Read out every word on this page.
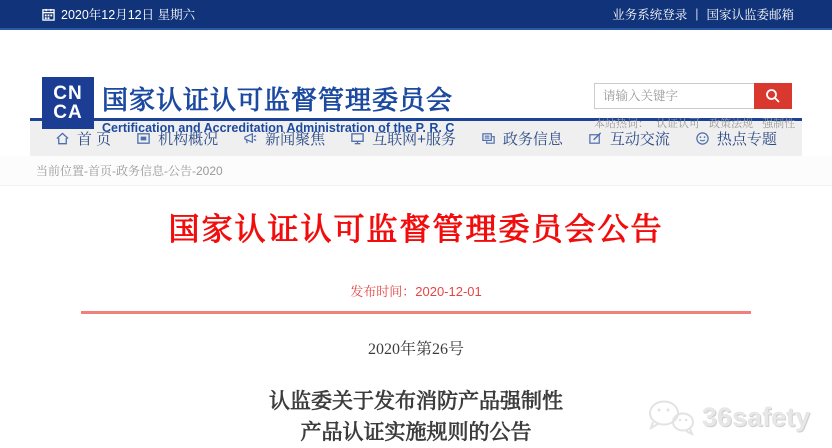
2020年12月12日 星期六	业务系统登录 | 国家认监委邮箱
CN
CA 国家认证认可监督管理委员会
Certification and Accreditation Administration of the P. R. C
请输入关键字	本站热词： 认证认可 政策法规 强制性
首 页	机构概况	新闻聚焦	互联网+服务	政务信息	互动交流	热点专题
当前位置-首页-政务信息-公告-2020
国家认证认可监督管理委员会公告
发布时间：2020-12-01
2020年第26号
认监委关于发布消防产品强制性
产品认证实施规则的公告
36safety
